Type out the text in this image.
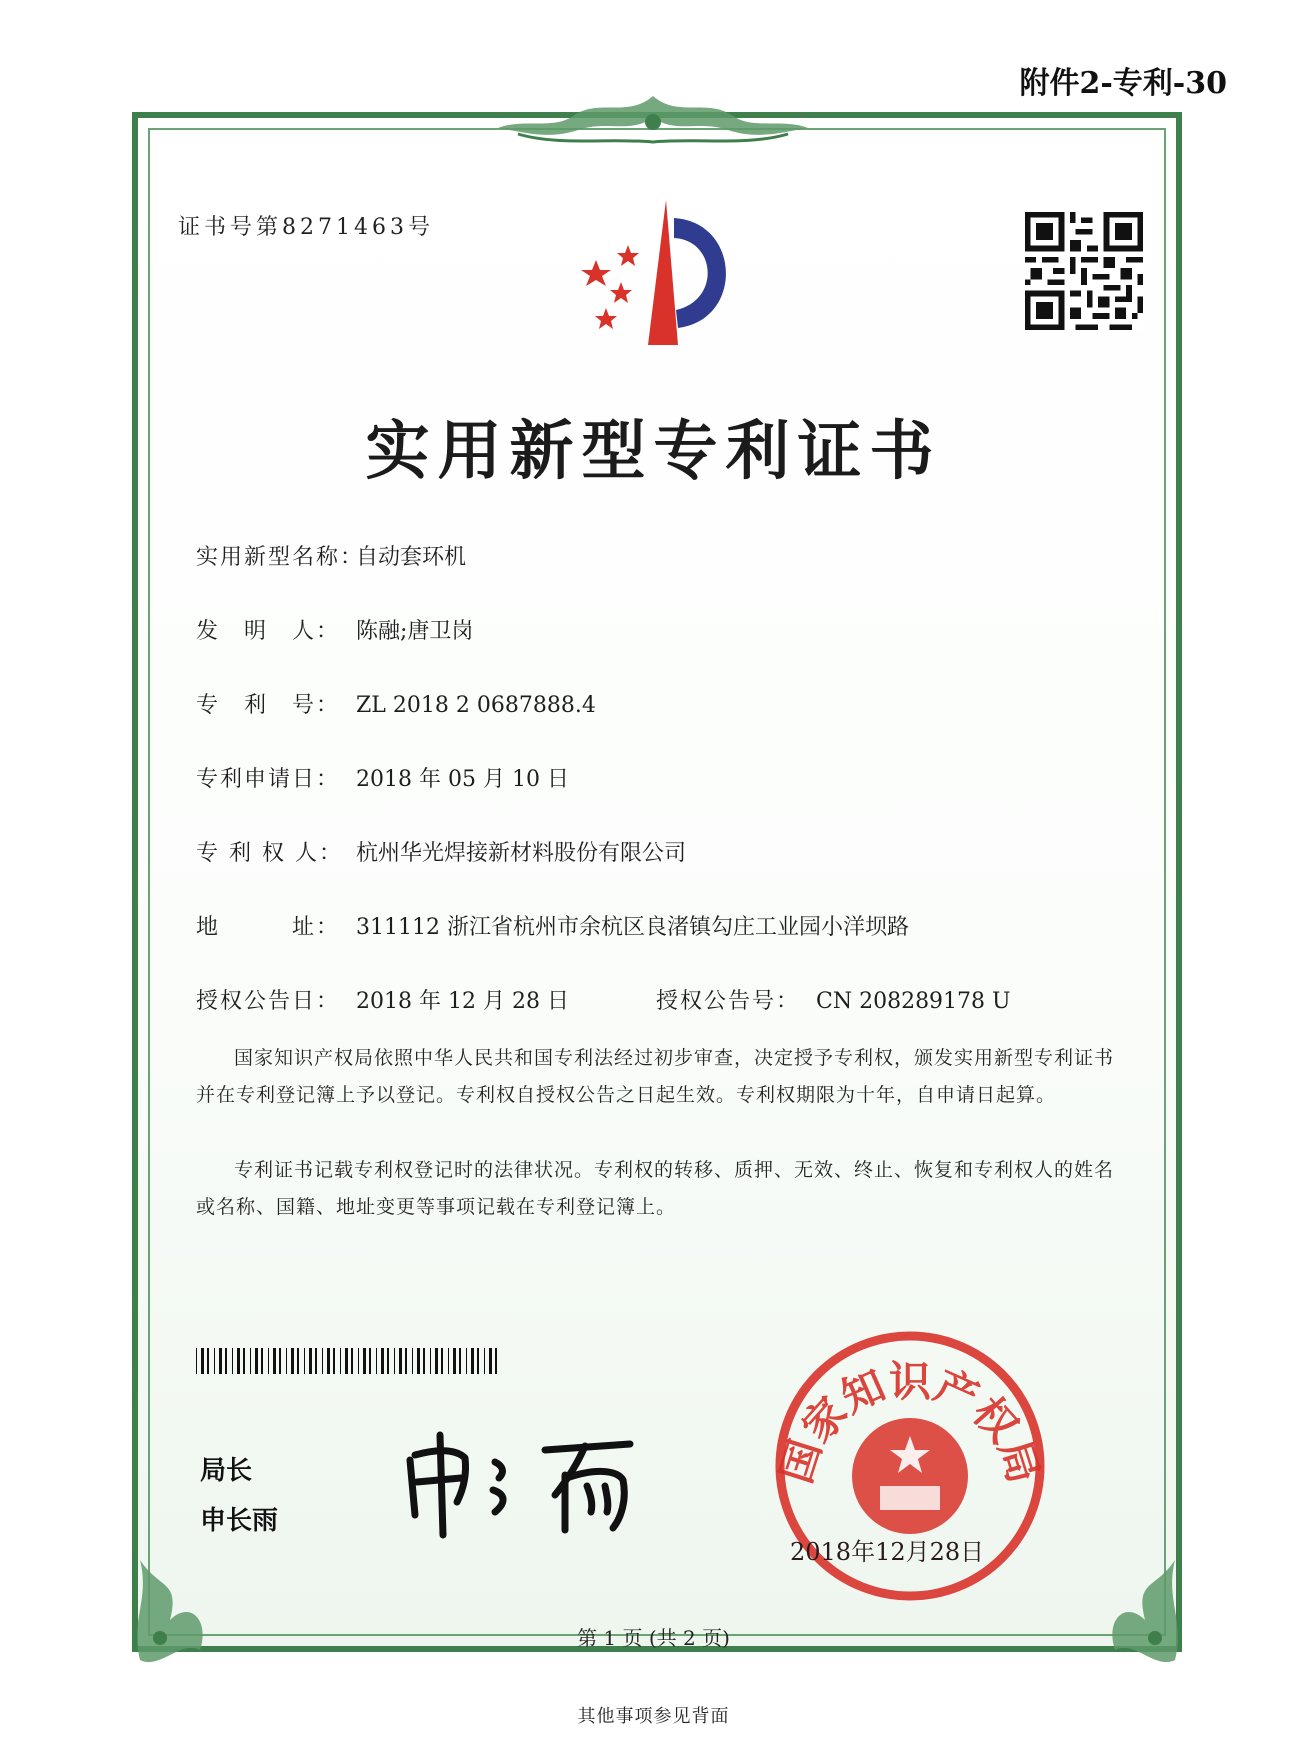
附件2-专利-30
证书号第8271463号
实用新型专利证书
实用新型名称：自动套环机
发　明　人： 陈融;唐卫岗
专　利　号： ZL 2018 2 0687888.4
专利申请日： 2018 年 05 月 10 日
专 利 权 人： 杭州华光焊接新材料股份有限公司
地　　　址： 311112 浙江省杭州市余杭区良渚镇勾庄工业园小洋坝路
授权公告日： 2018 年 12 月 28 日	授权公告号： CN 208289178 U
国家知识产权局依照中华人民共和国专利法经过初步审查，决定授予专利权，颁发实用新型专利证书并在专利登记簿上予以登记。专利权自授权公告之日起生效。专利权期限为十年，自申请日起算。
专利证书记载专利权登记时的法律状况。专利权的转移、质押、无效、终止、恢复和专利权人的姓名或名称、国籍、地址变更等事项记载在专利登记簿上。
局长
申长雨
国家知识产权局
2018年12月28日
第 1 页 (共 2 页)
其他事项参见背面
